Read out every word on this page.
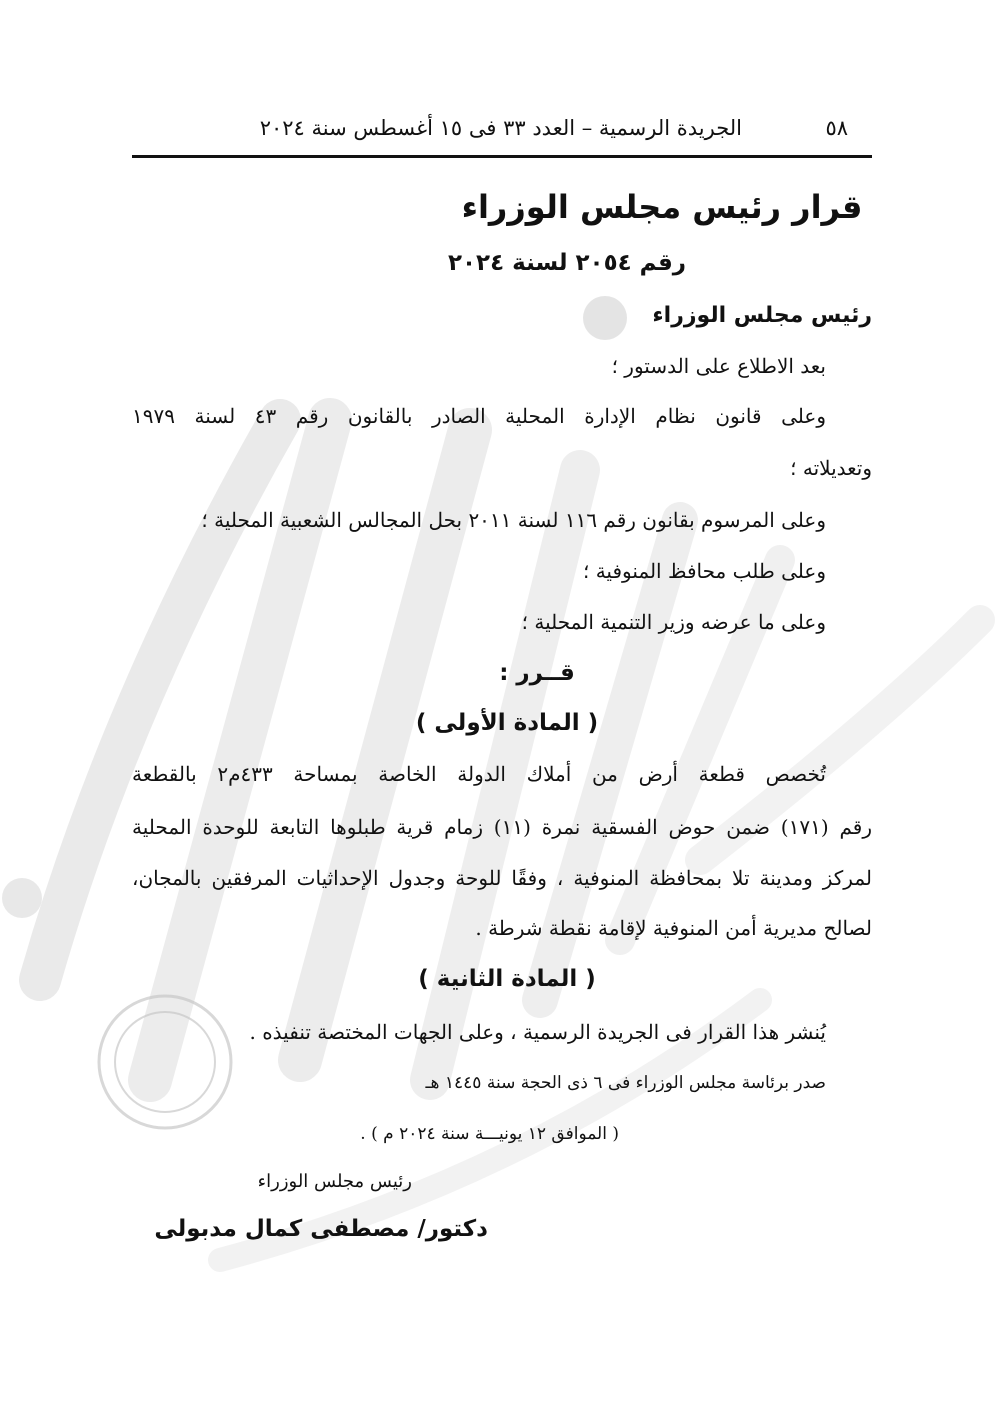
٥٨
الجريدة الرسمية – العدد ٣٣ فى ١٥ أغسطس سنة ٢٠٢٤
قرار رئيس مجلس الوزراء
رقم ٢٠٥٤ لسنة ٢٠٢٤
رئيس مجلس الوزراء
بعد الاطلاع على الدستور ؛
وعلى قانون نظام الإدارة المحلية الصادر بالقانون رقم ٤٣ لسنة ١٩٧٩
وتعديلاته ؛
وعلى المرسوم بقانون رقم ١١٦ لسنة ٢٠١١ بحل المجالس الشعبية المحلية ؛
وعلى طلب محافظ المنوفية ؛
وعلى ما عرضه وزير التنمية المحلية ؛
قــرر :
( المادة الأولى )
تُخصص قطعة أرض من أملاك الدولة الخاصة بمساحة ٤٣٣م٢ بالقطعة
رقم (١٧١) ضمن حوض الفسقية نمرة (١١) زمام قرية طبلوها التابعة للوحدة المحلية
لمركز ومدينة تلا بمحافظة المنوفية ، وفقًا للوحة وجدول الإحداثيات المرفقين بالمجان،
لصالح مديرية أمن المنوفية لإقامة نقطة شرطة .
( المادة الثانية )
يُنشر هذا القرار فى الجريدة الرسمية ، وعلى الجهات المختصة تنفيذه .
صدر برئاسة مجلس الوزراء فى ٦ ذى الحجة سنة ١٤٤٥ هـ
( الموافق ١٢ يونيـــة سنة ٢٠٢٤ م ) .
رئيس مجلس الوزراء
دكتور/ مصطفى كمال مدبولى
